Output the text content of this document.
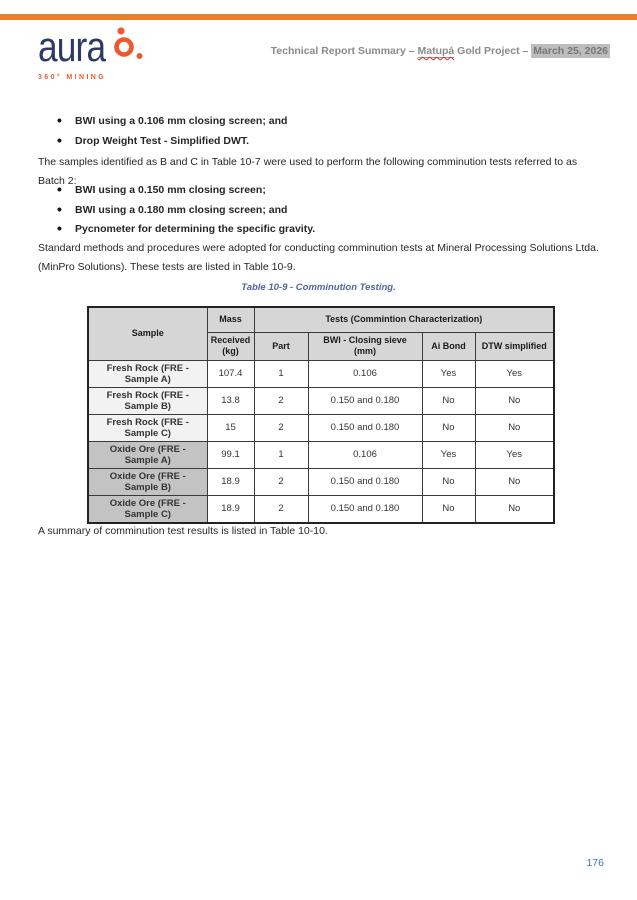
aura
360° MINING
Technical Report Summary – Matupá Gold Project – March 25, 2026
• BWI using a 0.106 mm closing screen; and
• Drop Weight Test - Simplified DWT.

The samples identified as B and C in Table 10-7 were used to perform the following comminution tests referred to as Batch 2:

• BWI using a 0.150 mm closing screen;
• BWI using a 0.180 mm closing screen; and
• Pycnometer for determining the specific gravity.

Standard methods and procedures were adopted for conducting comminution tests at Mineral Processing Solutions Ltda. (MinPro Solutions). These tests are listed in Table 10-9.

Table 10-9 - Comminution Testing.
Sample	Mass	Tests (Commintion Characterization)			
	Received (kg)	Part	BWI - Closing sieve (mm)	Ai Bond	DTW simplified
Fresh Rock (FRE - Sample A)	107.4	1	0.106	Yes	Yes
Fresh Rock (FRE - Sample B)	13.8	2	0.150 and 0.180	No	No
Fresh Rock (FRE - Sample C)	15	2	0.150 and 0.180	No	No
Oxide Ore (FRE - Sample A)	99.1	1	0.106	Yes	Yes
Oxide Ore (FRE - Sample B)	18.9	2	0.150 and 0.180	No	No
Oxide Ore (FRE - Sample C)	18.9	2	0.150 and 0.180	No	No

A summary of comminution test results is listed in Table 10-10.

176
